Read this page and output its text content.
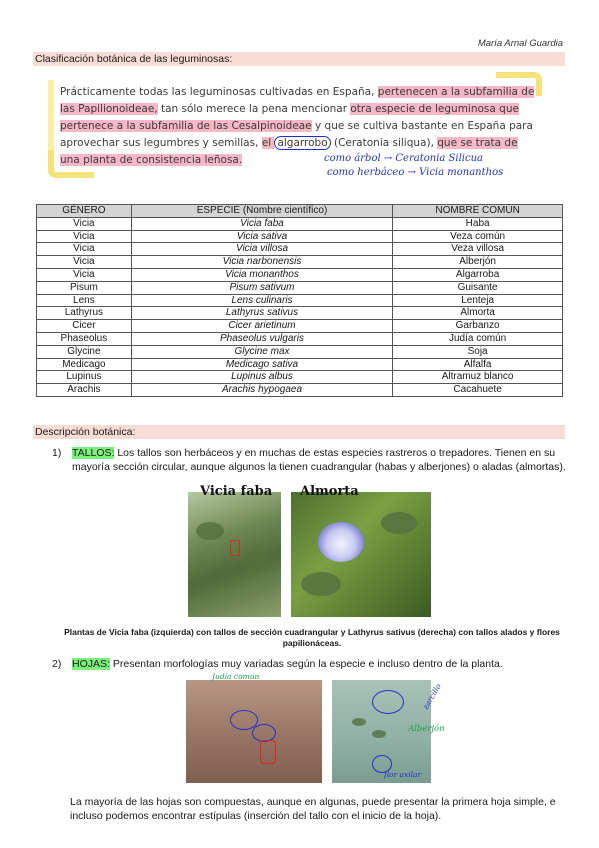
María Arnal Guardia
Clasificación botánica de las leguminosas:
Prácticamente todas las leguminosas cultivadas en España, pertenecen a la subfamilia de las Papilionoideae, tan sólo merece la pena mencionar otra especie de leguminosa que pertenece a la subfamilia de las Cesalpinoideae y que se cultiva bastante en España para aprovechar sus legumbres y semillas, el algarrobo (Ceratonia siliqua), que se trata de una planta de consistencia leñosa.	como árbol → Ceratonia Silicua
como herbáceo → Vicia monanthos
GÉNERO	ESPECIE (Nombre científico)	NOMBRE COMÚN
Vicia	Vicia faba	Haba
Vicia	Vicia sativa	Veza común
Vicia	Vicia villosa	Veza villosa
Vicia	Vicia narbonensis	Alberjón
Vicia	Vicia monanthos	Algarroba
Pisum	Pisum sativum	Guisante
Lens	Lens culinaris	Lenteja
Lathyrus	Lathyrus sativus	Almorta
Cicer	Cicer arietinum	Garbanzo
Phaseolus	Phaseolus vulgaris	Judía común
Glycine	Glycine max	Soja
Medicago	Medicago sativa	Alfalfa
Lupinus	Lupinus albus	Altramuz blanco
Arachis	Arachis hypogaea	Cacahuete
Descripción botánica:
1) TALLOS: Los tallos son herbáceos y en muchas de estas especies rastreros o trepadores. Tienen en su mayoría sección circular, aunque algunos la tienen cuadrangular (habas y alberjones) o aladas (almortas).
Vicia faba Almorta
Plantas de Vicia faba (izquierda) con tallos de sección cuadrangular y Lathyrus sativus (derecha) con tallos alados y flores papilionáceas.
2) HOJAS: Presentan morfologías muy variadas según la especie e incluso dentro de la planta.
Judía común
Alberjón
zarcillo
flor axilar
La mayoría de las hojas son compuestas, aunque en algunas, puede presentar la primera hoja simple, e incluso podemos encontrar estípulas (inserción del tallo con el inicio de la hoja).
